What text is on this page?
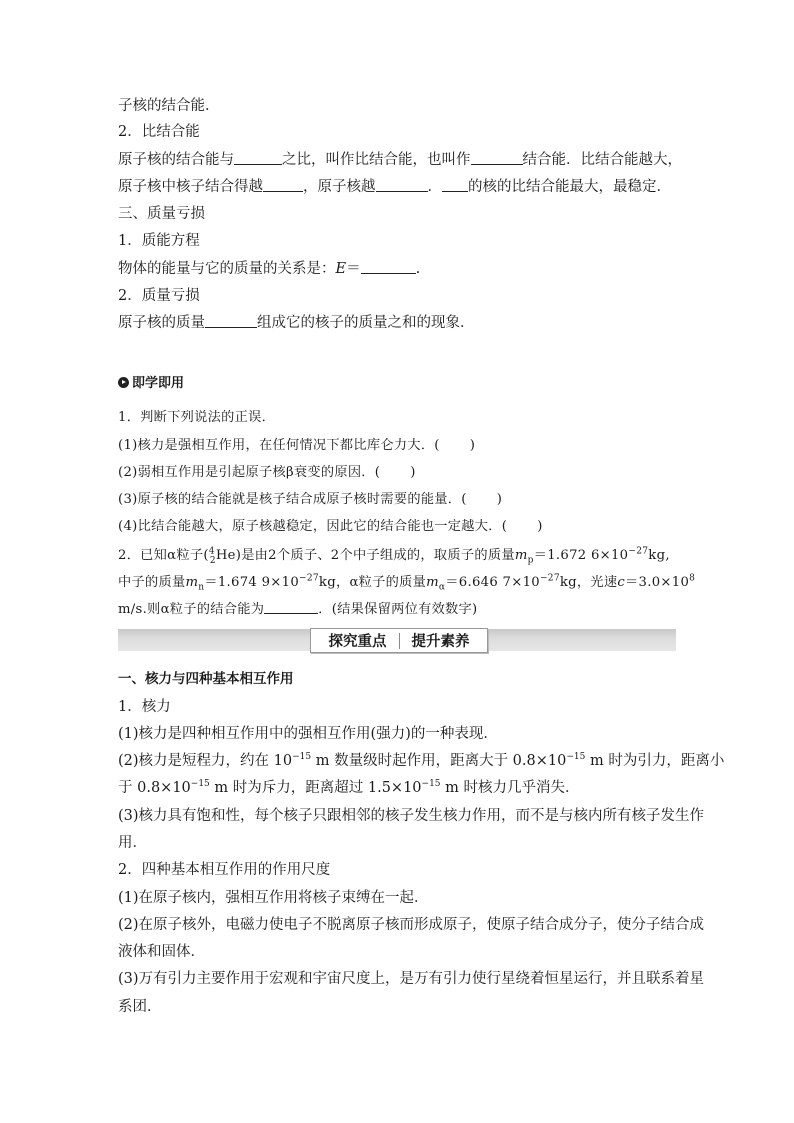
子核的结合能．
2．比结合能
原子核的结合能与	之比，叫作比结合能，也叫作	结合能．比结合能越大，
原子核中核子结合得越	，原子核越	． 的核的比结合能最大，最稳定．
三、质量亏损
1．质能方程
物体的能量与它的质量的关系是：E＝	.
2．质量亏损
原子核的质量	组成它的核子的质量之和的现象．
即学即用
1．判断下列说法的正误．
(1)核力是强相互作用，在任何情况下都比库仑力大．( )
(2)弱相互作用是引起原子核β衰变的原因．( )
(3)原子核的结合能就是核子结合成原子核时需要的能量．( )
(4)比结合能越大，原子核越稳定，因此它的结合能也一定越大．( )
2．已知α粒子($^4_2$He)是由2个质子、2个中子组成的，取质子的质量$m_p=1.672$ $6\times 10^{-27}kg$,
中子的质量$m_n=1.674$ $9\times 10^{-27}kg$，α粒子的质量$m_\alpha=6.646$ $7\times 10^{-27}kg$，光速$c=3.0\times 10^8$
m/s.则α粒子的结合能为	．(结果保留两位有效数字)
探究重点 提升素养
一、核力与四种基本相互作用
1．核力
(1)核力是四种相互作用中的强相互作用(强力)的一种表现．
(2)核力是短程力，约在 $10^{-15}$ m 数量级时起作用，距离大于 $0.8\times 10^{-15}$ m 时为引力，距离小
于 $0.8\times 10^{-15}$ m 时为斥力，距离超过 $1.5\times 10^{-15}$ m 时核力几乎消失．
(3)核力具有饱和性，每个核子只跟相邻的核子发生核力作用，而不是与核内所有核子发生作
用．
2．四种基本相互作用的作用尺度
(1)在原子核内，强相互作用将核子束缚在一起．
(2)在原子核外，电磁力使电子不脱离原子核而形成原子，使原子结合成分子，使分子结合成
液体和固体．
(3)万有引力主要作用于宏观和宇宙尺度上，是万有引力使行星绕着恒星运行，并且联系着星
系团．
